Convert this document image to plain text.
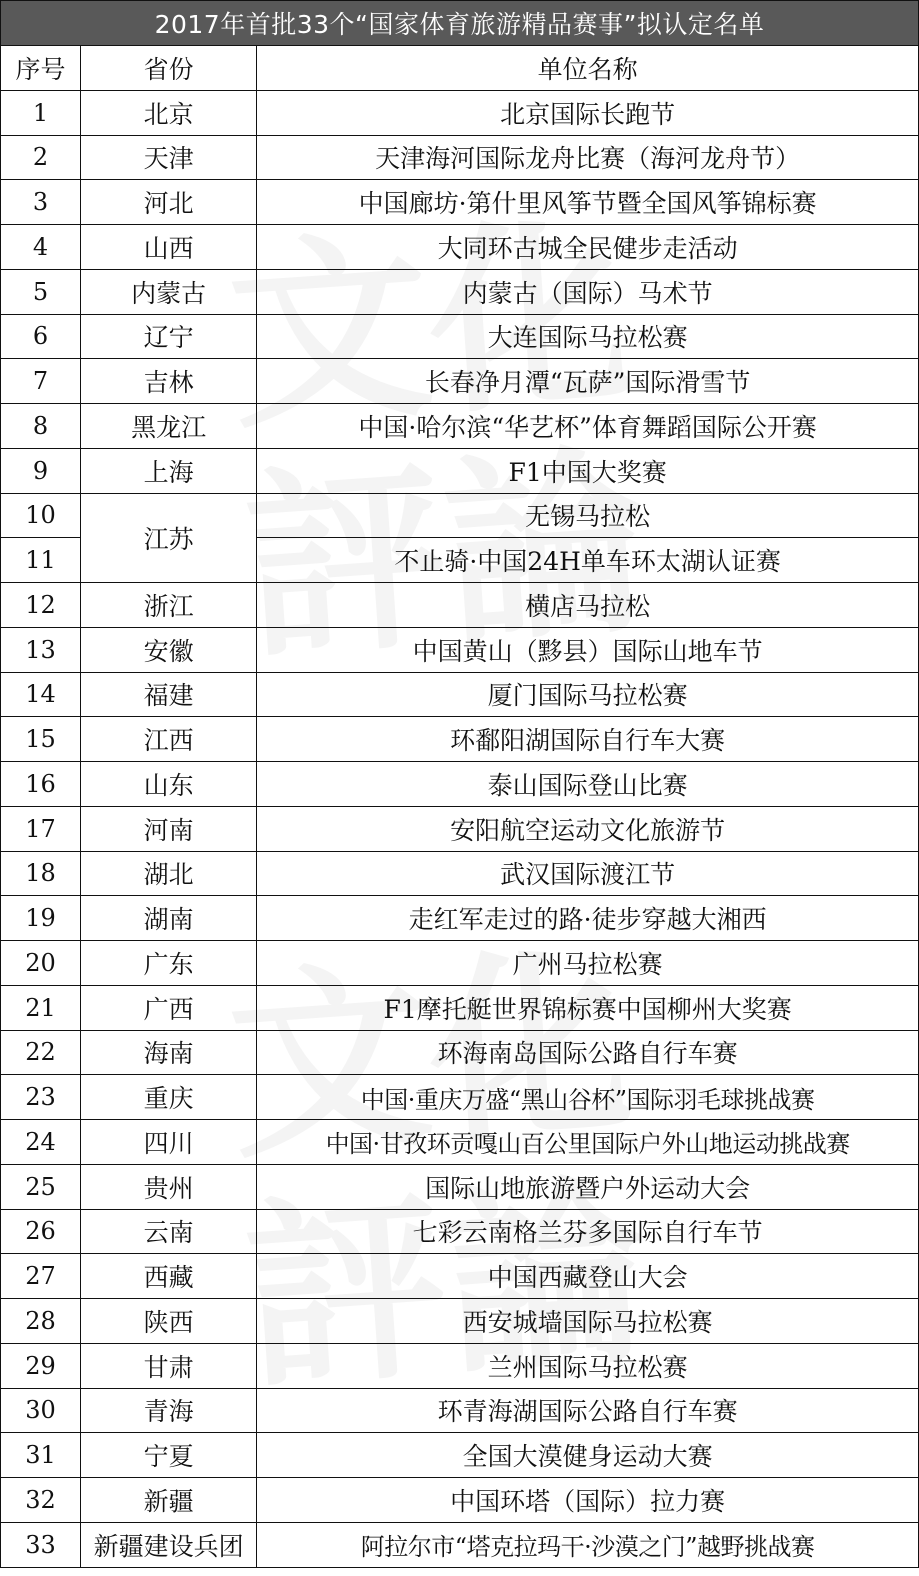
2017年首批33个“国家体育旅游精品赛事”拟认定名单		
序号	省份	单位名称
1	北京	北京国际长跑节
2	天津	天津海河国际龙舟比赛（海河龙舟节）
3	河北	中国廊坊·第什里风筝节暨全国风筝锦标赛
4	山西	大同环古城全民健步走活动
5	内蒙古	内蒙古（国际）马术节
6	辽宁	大连国际马拉松赛
7	吉林	长春净月潭“瓦萨”国际滑雪节
8	黑龙江	中国·哈尔滨“华艺杯”体育舞蹈国际公开赛
9	上海	F1中国大奖赛
10	江苏	无锡马拉松
11		不止骑·中国24H单车环太湖认证赛
12	浙江	横店马拉松
13	安徽	中国黄山（黟县）国际山地车节
14	福建	厦门国际马拉松赛
15	江西	环鄱阳湖国际自行车大赛
16	山东	泰山国际登山比赛
17	河南	安阳航空运动文化旅游节
18	湖北	武汉国际渡江节
19	湖南	走红军走过的路·徒步穿越大湘西
20	广东	广州马拉松赛
21	广西	F1摩托艇世界锦标赛中国柳州大奖赛
22	海南	环海南岛国际公路自行车赛
23	重庆	中国·重庆万盛“黑山谷杯”国际羽毛球挑战赛
24	四川	中国·甘孜环贡嘎山百公里国际户外山地运动挑战赛
25	贵州	国际山地旅游暨户外运动大会
26	云南	七彩云南格兰芬多国际自行车节
27	西藏	中国西藏登山大会
28	陕西	西安城墙国际马拉松赛
29	甘肃	兰州国际马拉松赛
30	青海	环青海湖国际公路自行车赛
31	宁夏	全国大漠健身运动大赛
32	新疆	中国环塔（国际）拉力赛
33	新疆建设兵团	阿拉尔市“塔克拉玛干·沙漠之门”越野挑战赛
